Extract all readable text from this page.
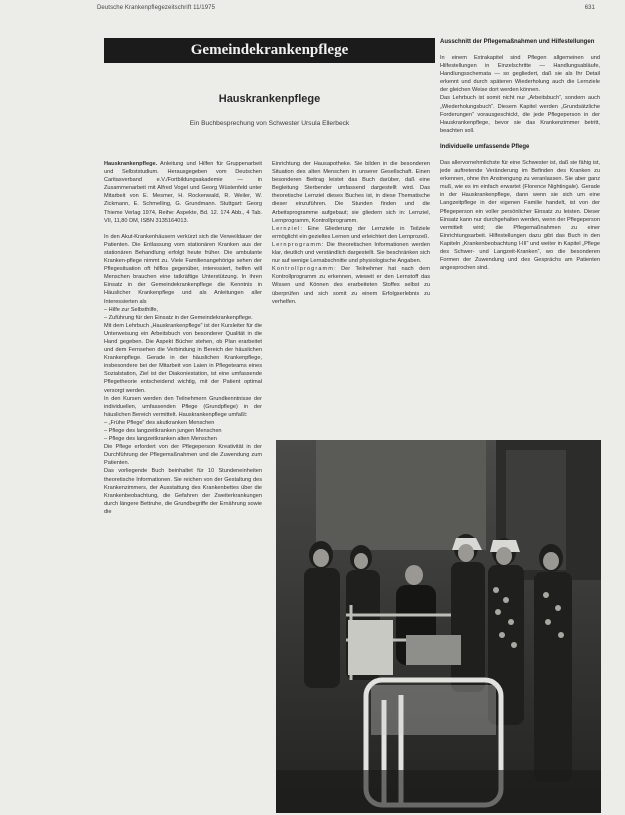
Deutsche Krankenpflegezeitschrift 11/1975	631
Gemeindekrankenpflege
Hauskrankenpflege
Ein Buchbesprechung von Schwester Ursula Ellerbeck

Hauskrankenpflege. Anleitung und Hilfen für Gruppenarbeit und Selbststudium. Herausgegeben vom Deutschen Caritasverband e.V./Fortbildungsakademie — in Zusammenarbeit mit Alfred Vogel und Georg Wüstenfeld unter Mitarbeit von E. Mesmer, H. Rockenwald, R. Weiler, W. Zickmann, E. Schmelling, G. Grundmann. Stuttgart: Georg Thieme Verlag 1974, Reihe: Aspekte, Bd. 12. 174 Abb., 4 Tab. VII, 11,80 DM, ISBN 3135164013.

In den Akut-Krankenhäusern verkürzt sich die Verweildauer der Patienten. Die Entlassung vom stationären Kranken aus der stationären Behandlung erfolgt heute früher. Die ambulante Kranken-pflege nimmt zu. Viele Familienangehörige sehen der Pflegesituation oft hilflos gegenüber, interessiert, helfen will Menschen brauchen eine tatkräftige Unterstützung. In ihren Einsatz in der Gemeindekrankenpflege die Kenntnis in Häuslicher Krankenpflege und als Anleitungen aller Interessierten als

– Hilfe zur Selbsthilfe,

– Zuführung für den Einsatz in der Gemeindekrankenpflege.

Mit dem Lehrbuch „Hauskrankenpflege“ ist der Kursleiter für die Unterweisung ein Arbeitsbuch von besonderer Qualität in die Hand gegeben. Die Aspekt Bücher stehen, ob Plan erarbeitet und dem Fernsehen die Verbindung in Bereich der häuslichen Krankenpflege. Gerade in der häuslichen Krankenpflege, insbesondere bei der Mitarbeit von Laien in Pflegeteams eines Sozialstation, Ziel ist der Diakoniestation, ist eine umfassende Pflegetheorie entscheidend wichtig, mit der Patient optimal versorgt werden.

In den Kursen werden den Teilnehmern Grundkenntnisse der individuellen, umfassenden Pflege (Grundpflege) in der häuslichen Bereich vermittelt. Hauskrankenpflege umfaßt:

– „Frühe Pflege“ des akutkranken Menschen

– Pflege des langzeitkranken jungen Menschen

– Pflege des langzeitkranken alten Menschen

Die Pflege erfordert von der Pflegeperson Kreativität in der Durchführung der Pflegemaßnahmen und die Zuwendung zum Patienten.

Das vorliegende Buch beinhaltet für 10 Stundeneinheiten theoretische Informationen. Sie reichen von der Gestaltung des Krankenzimmers, der Ausstattung des Krankenbettes über die Krankenbeobachtung, die Gefahren der Zweiterkrankungen durch längere Bettruhe, die Grundbegriffe der Ernährung sowie die

Einrichtung der Hausapotheke. Sie bilden in die besonderen Situation des alten Menschen in unserer Gesellschaft. Einen besonderen Beitrag leistet das Buch darüber, daß eine Begleitung Sterbender umfassend dargestellt wird. Das theoretische Lernziel dieses Buches ist, in diese Thematische dieser einzuführen. Die Stunden finden und die Arbeitsprogramme aufgebaut; sie gliedern sich in: Lernziel, Lernprogramm, Kontrollprogramm.

Lernziel: Eine Gliederung der Lernziele in Teilziele ermöglicht ein gezieltes Lernen und erleichtert den Lernprozeß.

Lernprogramm: Die theoretischen Informationen werden klar, deutlich und verständlich dargestellt. Sie beschränken sich nur auf wenige Lernabschnitte und physiologische Angaben.

Kontrollprogramm: Der Teilnehmer hat nach dem Kontrollprogramm zu erkennen, wieweit er den Lernstoff das Wissen und Können des erarbeiteten Stoffes selbst zu überprüfen und sich somit zu einem Erfolgserlebnis zu verhelfen.

Ausschnitt der Pflegemaßnahmen und Hilfestellungen

In einem Extrakapitel sind Pflegen allgemeinen und Hilfestellungen in Einzelschritte — Handlungsabläufe, Handlungsschemata — so gegliedert, daß sie als Ihr Detail erkennt und durch späteren Wiederholung auch die Lernziele der gleichen Weise dort werden können.

Das Lehrbuch ist somit nicht nur „Arbeitsbuch“, sondern auch „Wiederholungsbuch“. Diesem Kapitel werden „Grundsätzliche Forderungen“ vorausgeschickt, die jede Pflegeperson in der Hauskrankenpflege, bevor sie das Krankenzimmer betritt, beachten soll.

Individuelle umfassende Pflege

Das allervornehmlichste für eine Schwester ist, daß sie fähig ist, jede auftretende Veränderung im Befinden des Kranken zu erkennen, ohne ihn Anstrengung zu veranlassen. Sie aber ganz muß, wie es im einfach erwartet (Florence Nightingale). Gerade in der Hauskrankenpflege, dann wenn sie sich um eine Langzeitpflege in der eigenen Familie handelt, ist von der Pflegeperson ein voller persönlicher Einsatz zu leisten. Dieser Einsatz kann nur durchgehalten werden, wenn der Pflegeperson vermittelt wird; die Pflegemaßnahmen zu einer Einrichtungsarbeit. Hilfestellungen dazu gibt das Buch in den Kapiteln „Krankenbeobachtung I-III“ und weiter in Kapitel „Pflege des Schwer- und Langzeit-Kranken“, wo die besonderen Formen der Zuwendung und des Gesprächs am Patienten angesprochen sind.
